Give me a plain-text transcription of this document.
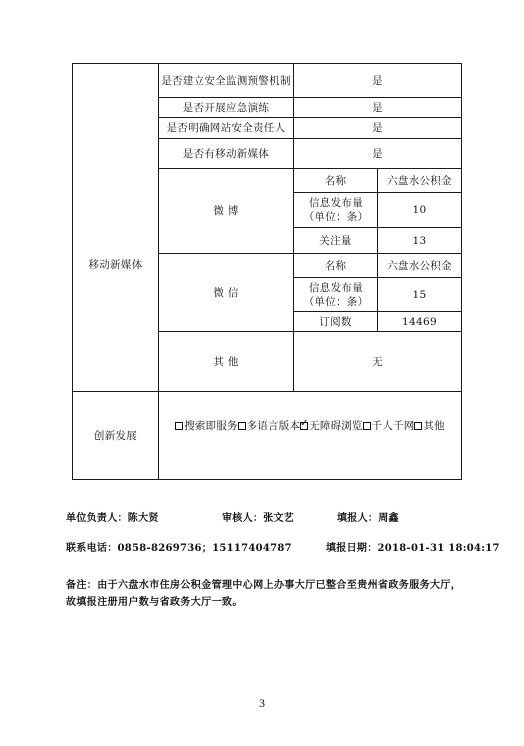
是否建立安全监测预警机制	是
是否开展应急演练	是
是否明确网站安全责任人	是
移动新媒体
是否有移动新媒体	是
微 博
名称	六盘水公积金
信息发布量（单位：条）
10
关注量	13
微 信
名称	六盘水公积金
信息发布量（单位：条）
15
订阅数	14469
其 他	无
创新发展
搜索即服务 多语言版本
✓ 无障碍浏览 千人千网 其他
单位负责人：陈大贤	审核人：张文艺	填报人：周鑫
联系电话：0858-8269736；15117404787	填报日期：2018-01-31 18:04:17
备注：由于六盘水市住房公积金管理中心网上办事大厅已整合至贵州省政务服务大厅，故填报注册用户数与省政务大厅一致。
3
